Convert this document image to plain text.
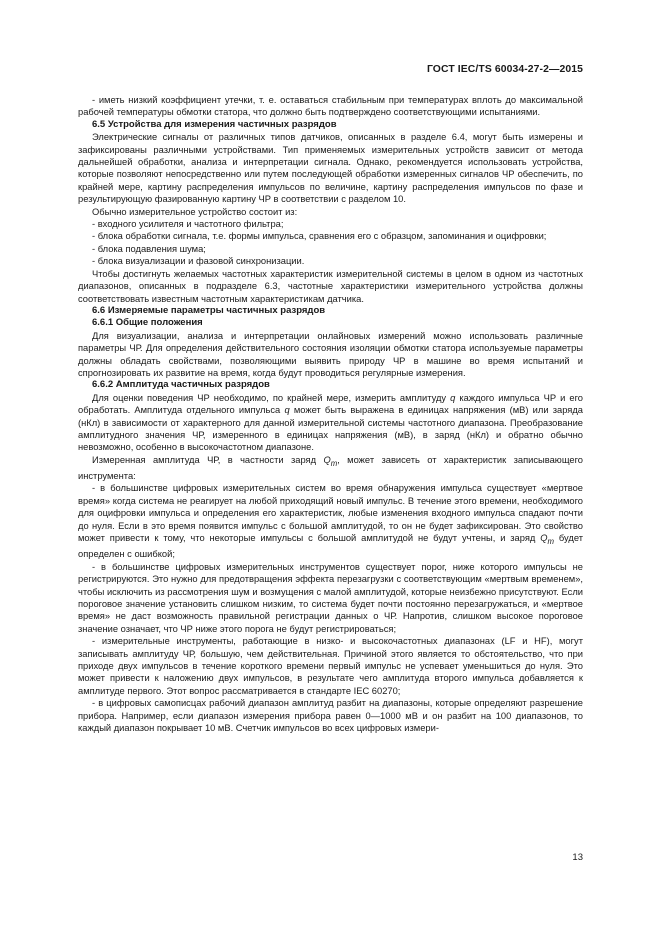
ГОСТ IEC/TS 60034-27-2—2015

- иметь низкий коэффициент утечки, т. е. оставаться стабильным при температурах вплоть до максимальной рабочей температуры обмотки статора, что должно быть подтверждено соответствующими испытаниями.

6.5 Устройства для измерения частичных разрядов

Электрические сигналы от различных типов датчиков, описанных в разделе 6.4, могут быть измерены и зафиксированы различными устройствами. Тип применяемых измерительных устройств зависит от метода дальнейшей обработки, анализа и интерпретации сигнала. Однако, рекомендуется использовать устройства, которые позволяют непосредственно или путем последующей обработки измеренных сигналов ЧР обеспечить, по крайней мере, картину распределения импульсов по величине, картину распределения импульсов по фазе и результирующую фазированную картину ЧР в соответствии с разделом 10.

Обычно измерительное устройство состоит из:

- входного усилителя и частотного фильтра;

- блока обработки сигнала, т.е. формы импульса, сравнения его с образцом, запоминания и оцифровки;

- блока подавления шума;

- блока визуализации и фазовой синхронизации.

Чтобы достигнуть желаемых частотных характеристик измерительной системы в целом в одном из частотных диапазонов, описанных в подразделе 6.3, частотные характеристики измерительного устройства должны соответствовать известным частотным характеристикам датчика.

6.6 Измеряемые параметры частичных разрядов

6.6.1 Общие положения

Для визуализации, анализа и интерпретации онлайновых измерений можно использовать различные параметры ЧР. Для определения действительного состояния изоляции обмотки статора используемые параметры должны обладать свойствами, позволяющими выявить природу ЧР в машине во время испытаний и спрогнозировать их развитие на время, когда будут проводиться регулярные измерения.

6.6.2 Амплитуда частичных разрядов

Для оценки поведения ЧР необходимо, по крайней мере, измерить амплитуду q каждого импульса ЧР и его обработать. Амплитуда отдельного импульса q может быть выражена в единицах напряжения (мВ) или заряда (нКл) в зависимости от характерного для данной измерительной системы частотного диапазона. Преобразование амплитудного значения ЧР, измеренного в единицах напряжения (мВ), в заряд (нКл) и обратно обычно невозможно, особенно в высокочастотном диапазоне.

Измеренная амплитуда ЧР, в частности заряд $Q_m$, может зависеть от характеристик записывающего инструмента:

- в большинстве цифровых измерительных систем во время обнаружения импульса существует «мертвое время» когда система не реагирует на любой приходящий новый импульс. В течение этого времени, необходимого для оцифровки импульса и определения его характеристик, любые изменения входного импульса спадают почти до нуля. Если в это время появится импульс с большой амплитудой, то он не будет зафиксирован. Это свойство может привести к тому, что некоторые импульсы с большой амплитудой не будут учтены, и заряд $Q_m$ будет определен с ошибкой;

- в большинстве цифровых измерительных инструментов существует порог, ниже которого импульсы не регистрируются. Это нужно для предотвращения эффекта перезагрузки с соответствующим «мертвым временем», чтобы исключить из рассмотрения шум и возмущения с малой амплитудой, которые неизбежно присутствуют. Если пороговое значение установить слишком низким, то система будет почти постоянно перезагружаться, и «мертвое время» не даст возможность правильной регистрации данных о ЧР. Напротив, слишком высокое пороговое значение означает, что ЧР ниже этого порога не будут регистрироваться;

- измерительные инструменты, работающие в низко- и высокочастотных диапазонах (LF и HF), могут записывать амплитуду ЧР, большую, чем действительная. Причиной этого является то обстоятельство, что при приходе двух импульсов в течение короткого времени первый импульс не успевает уменьшиться до нуля. Это может привести к наложению двух импульсов, в результате чего амплитуда второго импульса добавляется к амплитуде первого. Этот вопрос рассматривается в стандарте IEC 60270;

- в цифровых самописцах рабочий диапазон амплитуд разбит на диапазоны, которые определяют разрешение прибора. Например, если диапазон измерения прибора равен 0—1000 мВ и он разбит на 100 диапазонов, то каждый диапазон покрывает 10 мВ. Счетчик импульсов во всех цифровых измери-

13
